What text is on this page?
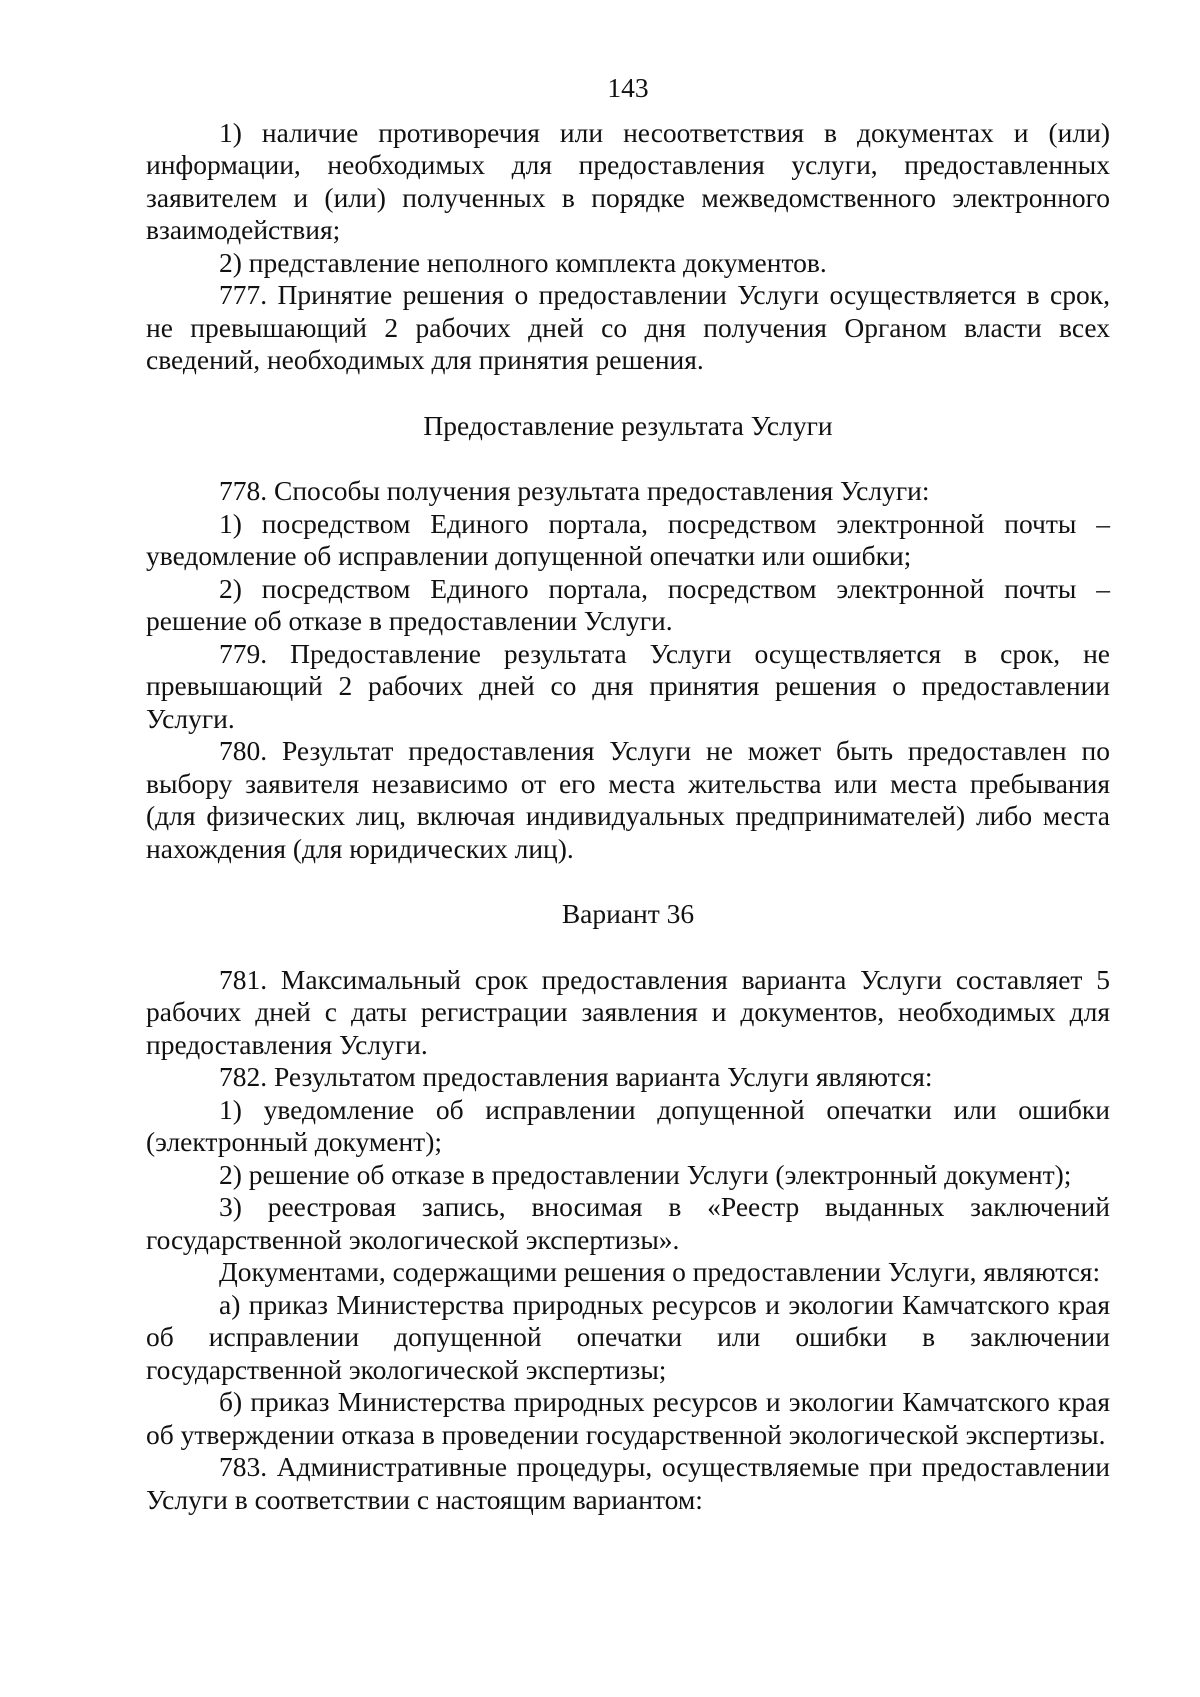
143

1) наличие противоречия или несоответствия в документах и (или) информации, необходимых для предоставления услуги, предоставленных заявителем и (или) полученных в порядке межведомственного электронного взаимодействия;

2) представление неполного комплекта документов.

777. Принятие решения о предоставлении Услуги осуществляется в срок, не превышающий 2 рабочих дней со дня получения Органом власти всех сведений, необходимых для принятия решения.

Предоставление результата Услуги

778. Способы получения результата предоставления Услуги:

1) посредством Единого портала, посредством электронной почты – уведомление об исправлении допущенной опечатки или ошибки;

2) посредством Единого портала, посредством электронной почты – решение об отказе в предоставлении Услуги.

779. Предоставление результата Услуги осуществляется в срок, не превышающий 2 рабочих дней со дня принятия решения о предоставлении Услуги.

780. Результат предоставления Услуги не может быть предоставлен по выбору заявителя независимо от его места жительства или места пребывания (для физических лиц, включая индивидуальных предпринимателей) либо места нахождения (для юридических лиц).

Вариант 36

781. Максимальный срок предоставления варианта Услуги составляет 5 рабочих дней с даты регистрации заявления и документов, необходимых для предоставления Услуги.

782. Результатом предоставления варианта Услуги являются:

1) уведомление об исправлении допущенной опечатки или ошибки (электронный документ);

2) решение об отказе в предоставлении Услуги (электронный документ);

3) реестровая запись, вносимая в «Реестр выданных заключений государственной экологической экспертизы».

Документами, содержащими решения о предоставлении Услуги, являются:

а) приказ Министерства природных ресурсов и экологии Камчатского края об исправлении допущенной опечатки или ошибки в заключении государственной экологической экспертизы;

б) приказ Министерства природных ресурсов и экологии Камчатского края об утверждении отказа в проведении государственной экологической экспертизы.

783. Административные процедуры, осуществляемые при предоставлении Услуги в соответствии с настоящим вариантом:
